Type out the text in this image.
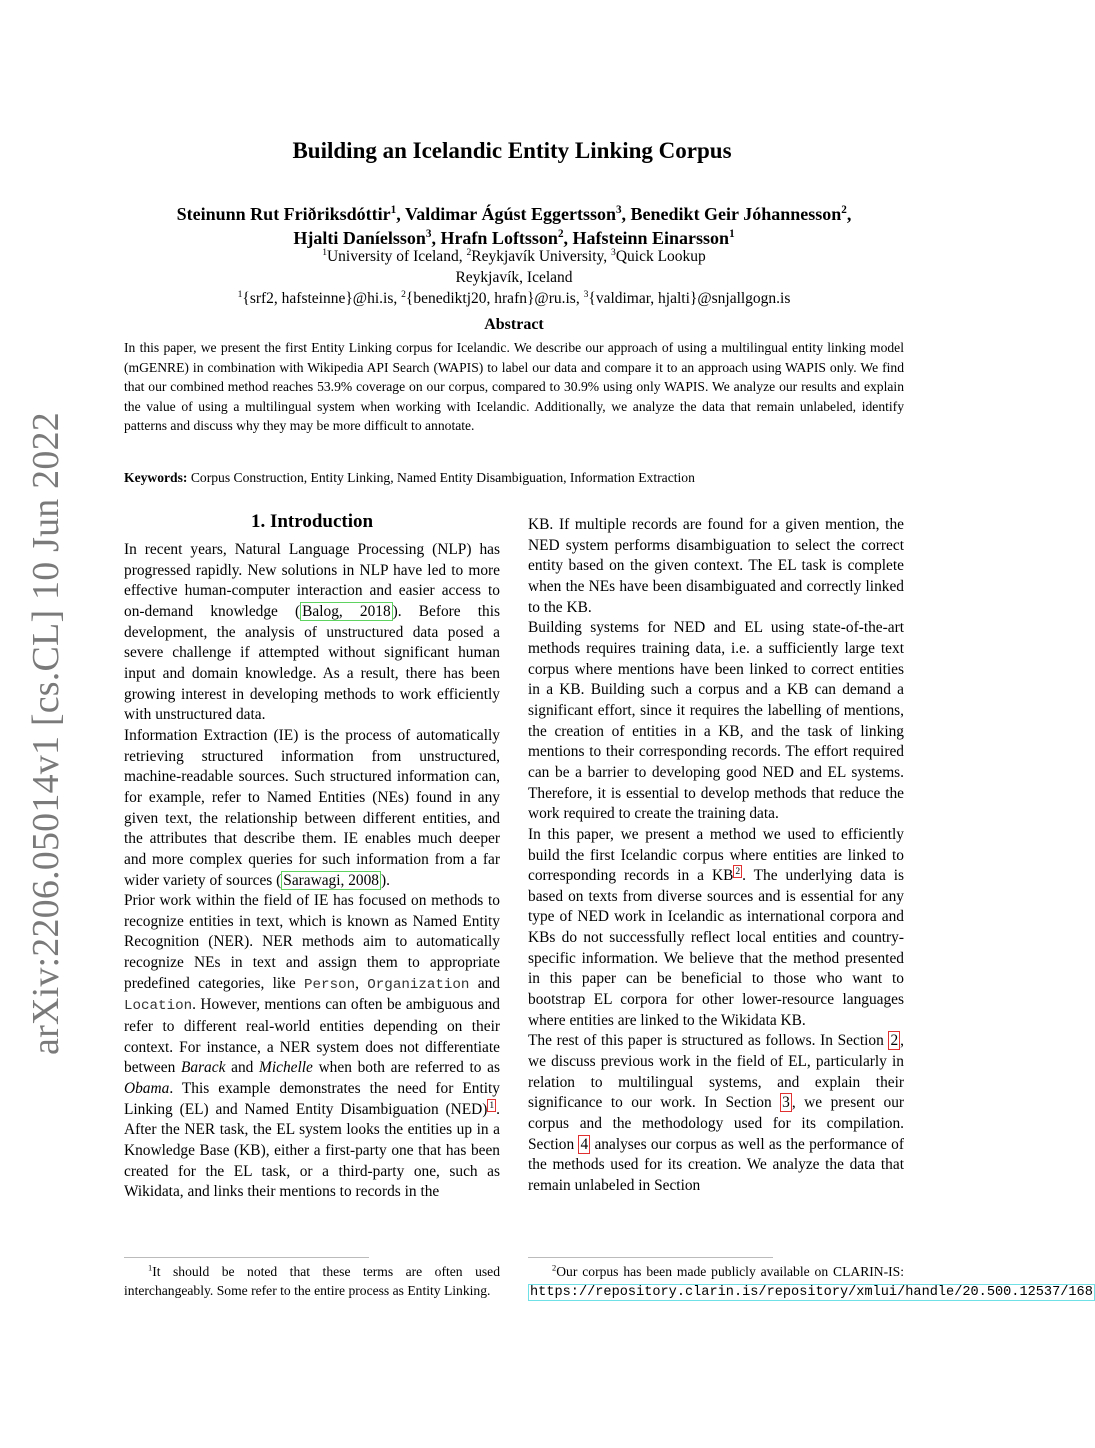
arXiv:2206.05014v1 [cs.CL] 10 Jun 2022
Building an Icelandic Entity Linking Corpus
Steinunn Rut Friðriksdóttir$^1$, Valdimar Ágúst Eggertsson$^3$, Benedikt Geir Jóhannesson$^2$,
Hjalti Daníelsson$^3$, Hrafn Loftsson$^2$, Hafsteinn Einarsson$^1$
$^1$University of Iceland, $^2$Reykjavík University, $^3$Quick Lookup
Reykjavík, Iceland
$^1${srf2, hafsteinne}@hi.is, $^2${benediktj20, hrafn}@ru.is, $^3${valdimar, hjalti}@snjallgogn.is
Abstract
In this paper, we present the first Entity Linking corpus for Icelandic. We describe our approach of using a multilingual entity linking model (mGENRE) in combination with Wikipedia API Search (WAPIS) to label our data and compare it to an approach using WAPIS only. We find that our combined method reaches 53.9% coverage on our corpus, compared to 30.9% using only WAPIS. We analyze our results and explain the value of using a multilingual system when working with Icelandic. Additionally, we analyze the data that remain unlabeled, identify patterns and discuss why they may be more difficult to annotate.
Keywords: Corpus Construction, Entity Linking, Named Entity Disambiguation, Information Extraction
1. Introduction

In recent years, Natural Language Processing (NLP) has progressed rapidly. New solutions in NLP have led to more effective human-computer interaction and easier access to on-demand knowledge ( Balog, 2018 ). Before this development, the analysis of unstructured data posed a severe challenge if attempted without significant human input and domain knowledge. As a result, there has been growing interest in developing methods to work efficiently with unstructured data.

Information Extraction (IE) is the process of automatically retrieving structured information from unstructured, machine-readable sources. Such structured information can, for example, refer to Named Entities (NEs) found in any given text, the relationship between different entities, and the attributes that describe them. IE enables much deeper and more complex queries for such information from a far wider variety of sources ( Sarawagi, 2008 ).

Prior work within the field of IE has focused on methods to recognize entities in text, which is known as Named Entity Recognition (NER). NER methods aim to automatically recognize NEs in text and assign them to appropriate predefined categories, like Person, Organization and Location. However, mentions can often be ambiguous and refer to different real-world entities depending on their context. For instance, a NER system does not differentiate between Barack and Michelle when both are referred to as Obama. This example demonstrates the need for Entity Linking (EL) and Named Entity Disambiguation (NED) $^1$ . After the NER task, the EL system looks the entities up in a Knowledge Base (KB), either a first-party one that has been created for the EL task, or a third-party one, such as Wikidata, and links their mentions to records in the

KB. If multiple records are found for a given mention, the NED system performs disambiguation to select the correct entity based on the given context. The EL task is complete when the NEs have been disambiguated and correctly linked to the KB.

Building systems for NED and EL using state-of-the-art methods requires training data, i.e. a sufficiently large text corpus where mentions have been linked to correct entities in a KB. Building such a corpus and a KB can demand a significant effort, since it requires the labelling of mentions, the creation of entities in a KB, and the task of linking mentions to their corresponding records. The effort required can be a barrier to developing good NED and EL systems. Therefore, it is essential to develop methods that reduce the work required to create the training data.

In this paper, we present a method we used to efficiently build the first Icelandic corpus where entities are linked to corresponding records in a KB $^2$ . The underlying data is based on texts from diverse sources and is essential for any type of NED work in Icelandic as international corpora and KBs do not successfully reflect local entities and country-specific information. We believe that the method presented in this paper can be beneficial to those who want to bootstrap EL corpora for other lower-resource languages where entities are linked to the Wikidata KB.

The rest of this paper is structured as follows. In Section 2 , we discuss previous work in the field of EL, particularly in relation to multilingual systems, and explain their significance to our work. In Section 3 , we present our corpus and the methodology used for its compilation. Section 4 analyses our corpus as well as the performance of the methods used for its creation. We analyze the data that remain unlabeled in Section

$^1$It should be noted that these terms are often used interchangeably. Some refer to the entire process as Entity Linking.

$^2$Our corpus has been made publicly available on CLARIN-IS: https://repository.clarin.is/repository/xmlui/handle/20.500.12537/168
